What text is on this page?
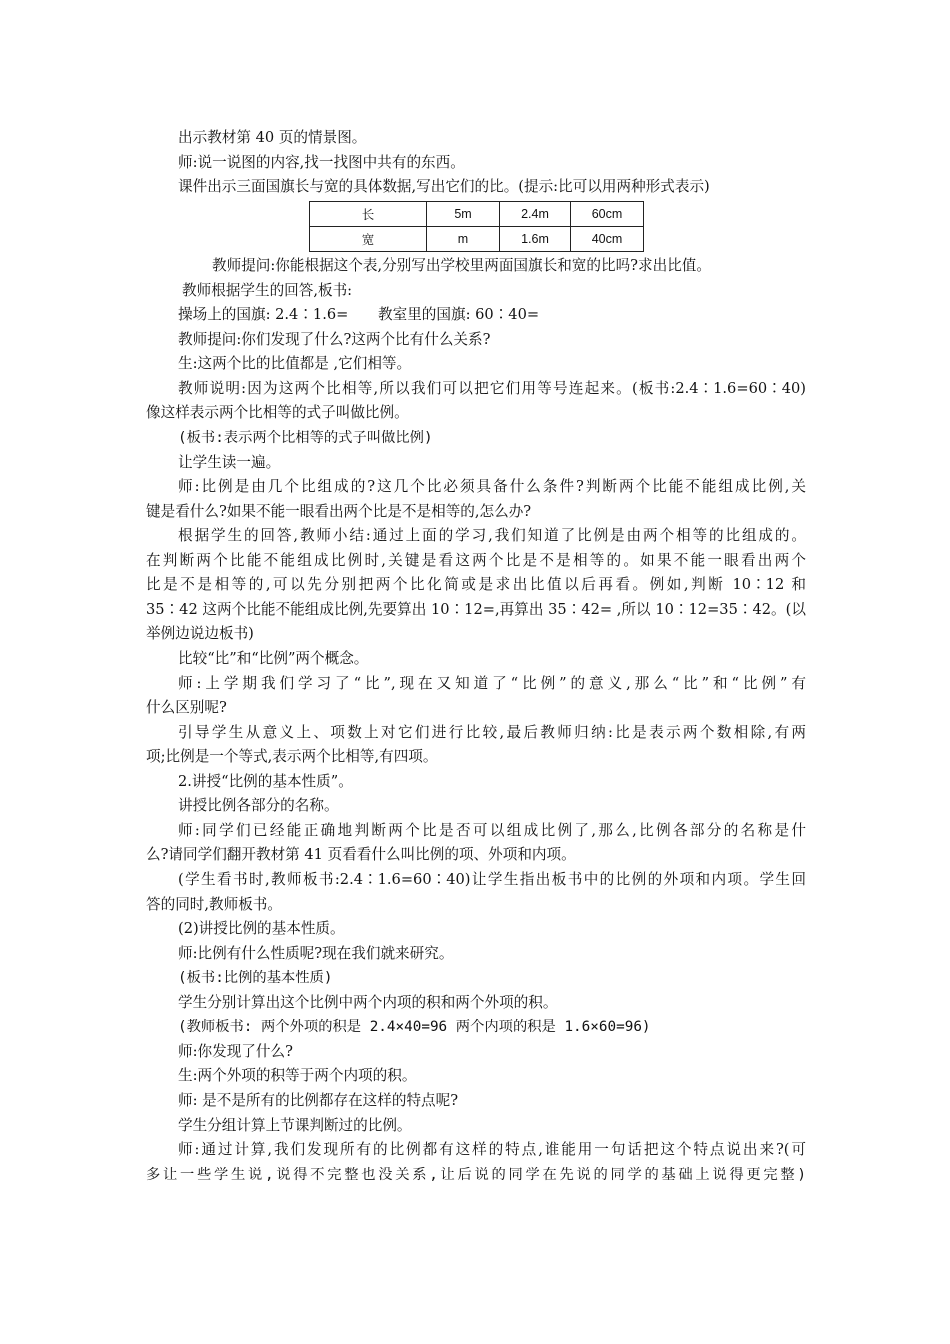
出示教材第 40 页的情景图。
师:说一说图的内容,找一找图中共有的东西。
课件出示三面国旗长与宽的具体数据,写出它们的比。(提示:比可以用两种形式表示)
长	5m	2.4m	60cm
宽	m	1.6m	40cm
教师提问:你能根据这个表,分别写出学校里两面国旗长和宽的比吗?求出比值。
教师根据学生的回答,板书:
操场上的国旗: 2.4∶1.6= 教室里的国旗: 60∶40=
教师提问:你们发现了什么?这两个比有什么关系?
生:这两个比的比值都是 ,它们相等。
教师说明:因为这两个比相等,所以我们可以把它们用等号连起来。(板书:2.4∶1.6=60∶40)
像这样表示两个比相等的式子叫做比例。
(板书:表示两个比相等的式子叫做比例)
让学生读一遍。
师:比例是由几个比组成的?这几个比必须具备什么条件?判断两个比能不能组成比例,关
键是看什么?如果不能一眼看出两个比是不是相等的,怎么办?
根据学生的回答,教师小结:通过上面的学习,我们知道了比例是由两个相等的比组成的。
在判断两个比能不能组成比例时,关键是看这两个比是不是相等的。如果不能一眼看出两个
比是不是相等的,可以先分别把两个比化简或是求出比值以后再看。例如,判断 10∶12 和
35∶42 这两个比能不能组成比例,先要算出 10∶12=,再算出 35∶42= ,所以 10∶12=35∶42。(以
举例边说边板书)
比较“比”和“比例”两个概念。
师:上学期我们学习了“比”,现在又知道了“比例”的意义,那么“比”和“比例”有
什么区别呢?
引导学生从意义上、项数上对它们进行比较,最后教师归纳:比是表示两个数相除,有两
项;比例是一个等式,表示两个比相等,有四项。
2.讲授“比例的基本性质”。
讲授比例各部分的名称。
师:同学们已经能正确地判断两个比是否可以组成比例了,那么,比例各部分的名称是什
么?请同学们翻开教材第 41 页看看什么叫比例的项、外项和内项。
(学生看书时,教师板书:2.4∶1.6=60∶40)让学生指出板书中的比例的外项和内项。学生回
答的同时,教师板书。
(2)讲授比例的基本性质。
师:比例有什么性质呢?现在我们就来研究。
(板书:比例的基本性质)
学生分别计算出这个比例中两个内项的积和两个外项的积。
(教师板书: 两个外项的积是 2.4×40=96 两个内项的积是 1.6×60=96)
师:你发现了什么?
生:两个外项的积等于两个内项的积。
师: 是不是所有的比例都存在这样的特点呢?
学生分组计算上节课判断过的比例。
师:通过计算,我们发现所有的比例都有这样的特点,谁能用一句话把这个特点说出来?(可
多让一些学生说,说得不完整也没关系,让后说的同学在先说的同学的基础上说得更完整)
